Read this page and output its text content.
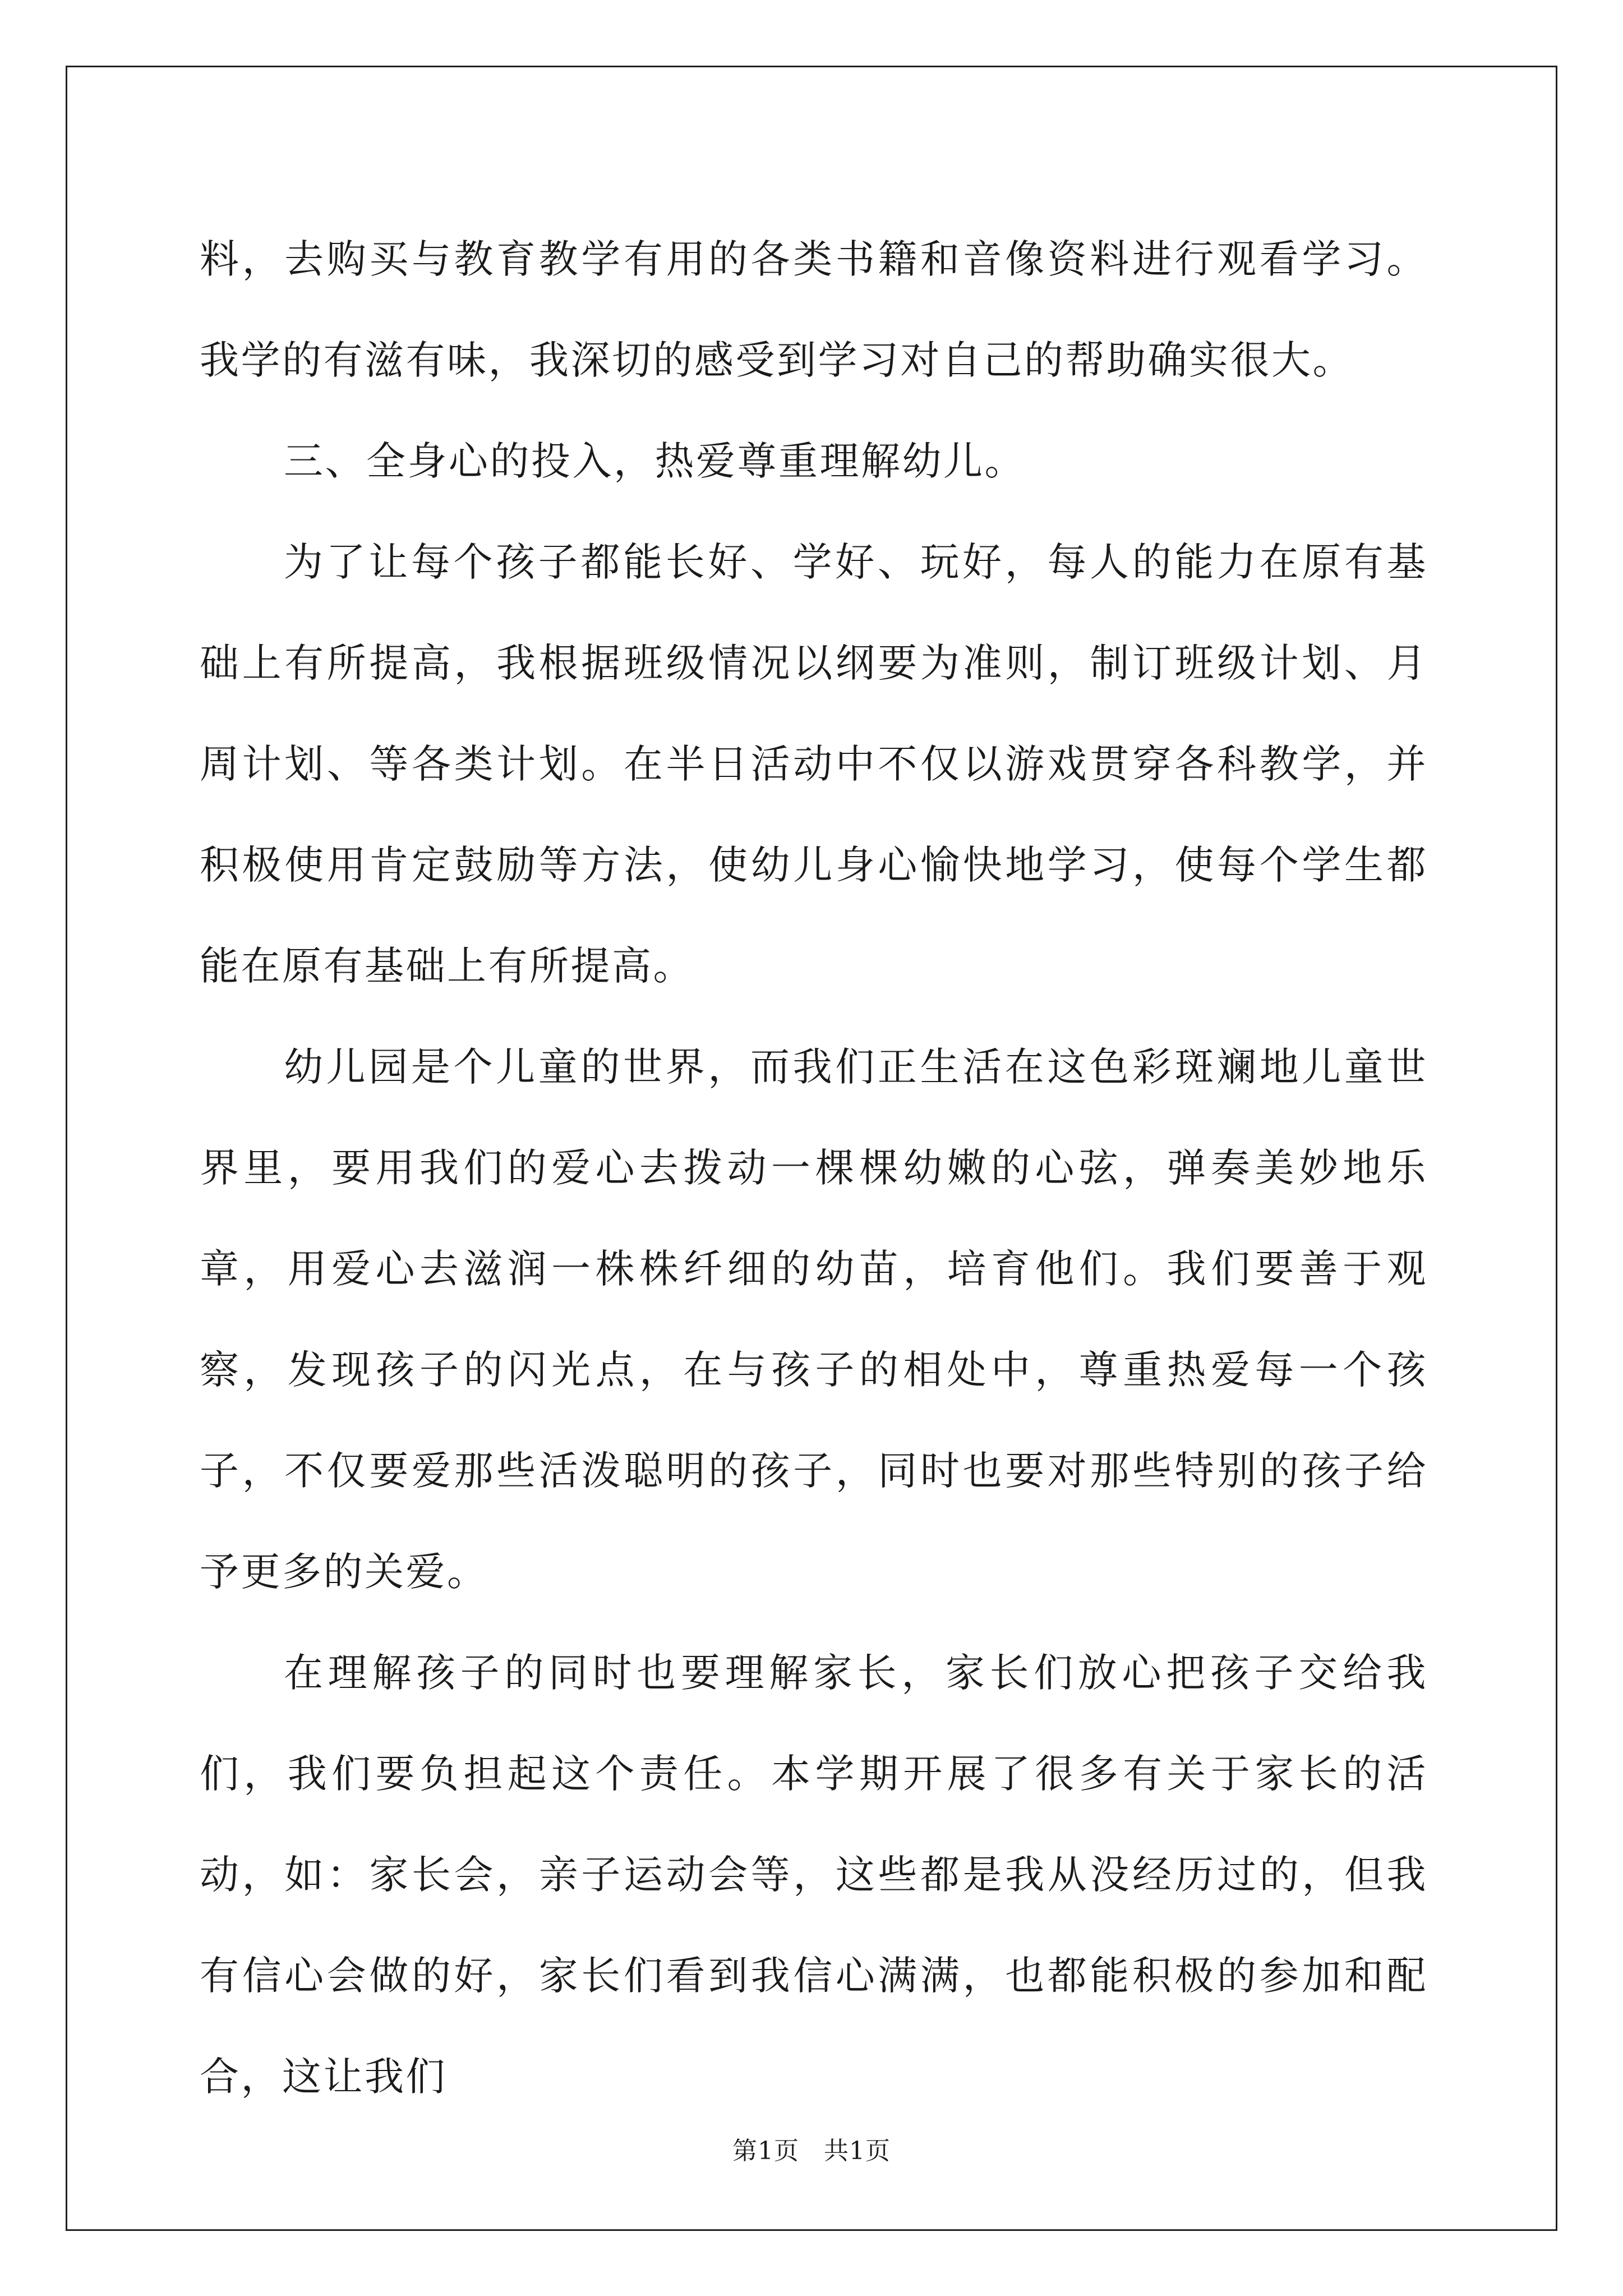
料，去购买与教育教学有用的各类书籍和音像资料进行观看学习。我学的有滋有味，我深切的感受到学习对自己的帮助确实很大。

三、全身心的投入，热爱尊重理解幼儿。

为了让每个孩子都能长好、学好、玩好，每人的能力在原有基础上有所提高，我根据班级情况以纲要为准则，制订班级计划、月周计划、等各类计划。在半日活动中不仅以游戏贯穿各科教学，并积极使用肯定鼓励等方法，使幼儿身心愉快地学习，使每个学生都能在原有基础上有所提高。

幼儿园是个儿童的世界，而我们正生活在这色彩斑斓地儿童世界里，要用我们的爱心去拨动一棵棵幼嫩的心弦，弹奏美妙地乐章，用爱心去滋润一株株纤细的幼苗，培育他们。我们要善于观察，发现孩子的闪光点，在与孩子的相处中，尊重热爱每一个孩子，不仅要爱那些活泼聪明的孩子，同时也要对那些特别的孩子给予更多的关爱。

在理解孩子的同时也要理解家长，家长们放心把孩子交给我们，我们要负担起这个责任。本学期开展了很多有关于家长的活动，如：家长会，亲子运动会等，这些都是我从没经历过的，但我有信心会做的好，家长们看到我信心满满，也都能积极的参加和配合，这让我们

第1页 共1页
